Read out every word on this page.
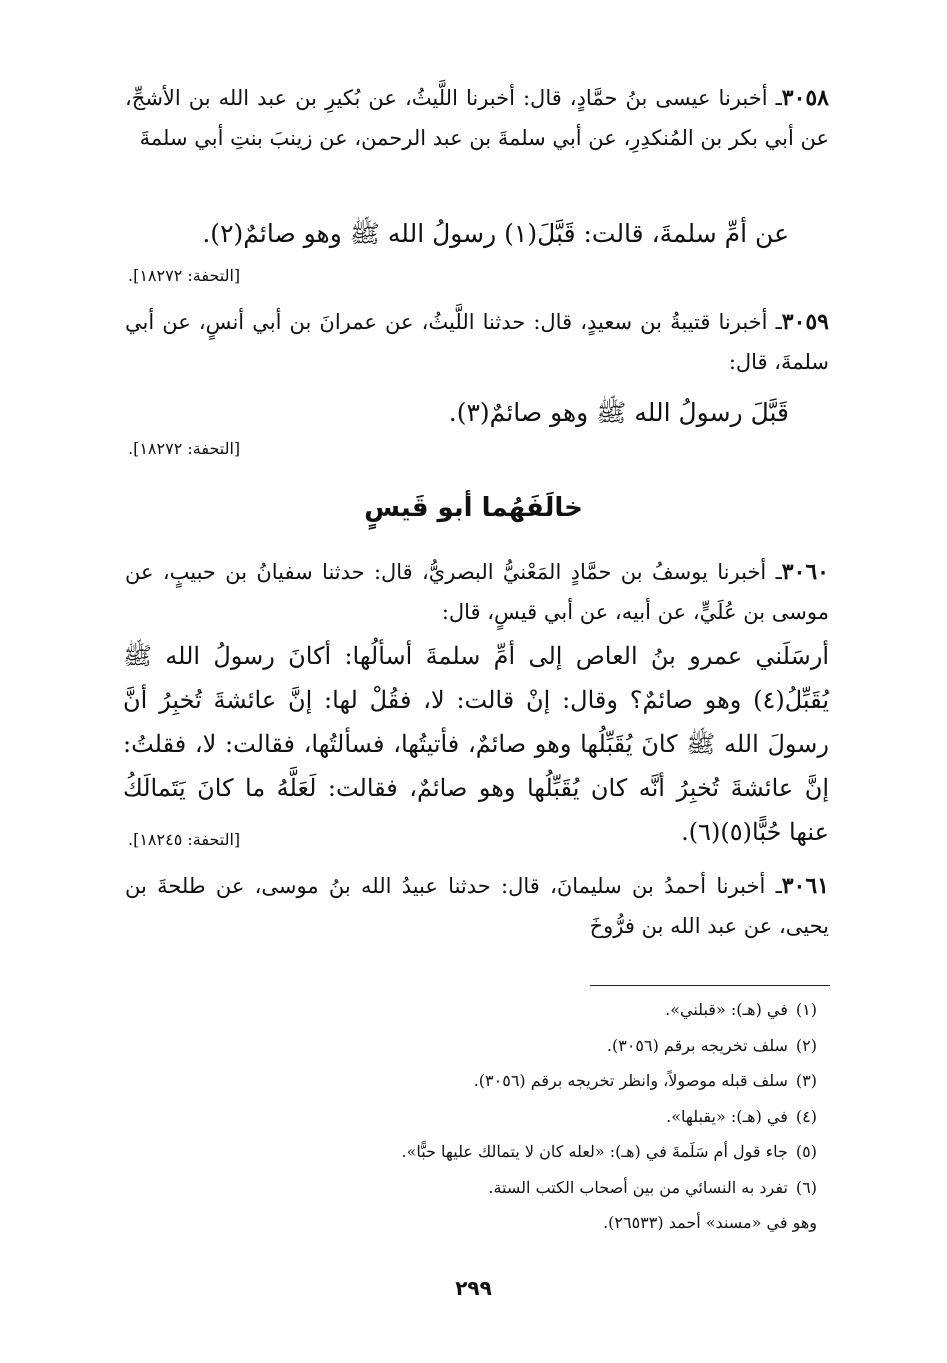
٣٠٥٨ـ أخبرنا عيسى بنُ حمَّادٍ، قال: أخبرنا اللَّيثُ، عن بُكيرِ بن عبد الله بن الأشجِّ، عن أبي بكر بن المُنكدِرِ، عن أبي سلمةَ بن عبد الرحمن، عن زينبَ بنتِ أبي سلمةَ

عن أمِّ سلمةَ، قالت: قَبَّلَ(١) رسولُ الله ﷺ وهو صائمٌ(٢).
[التحفة: ١٨٢٧٢].

٣٠٥٩ـ أخبرنا قتيبةُ بن سعيدٍ، قال: حدثنا اللَّيثُ، عن عمرانَ بن أبي أنسٍ، عن أبي سلمةَ، قال:

قَبَّلَ رسولُ الله ﷺ وهو صائمٌ(٣).
[التحفة: ١٨٢٧٢].
خالَفَهُما أبو قَيسٍ

٣٠٦٠ـ أخبرنا يوسفُ بن حمَّادٍ المَعْنيُّ البصريُّ، قال: حدثنا سفيانُ بن حبيبٍ، عن موسى بن عُلَيٍّ، عن أبيه، عن أبي قيسٍ، قال:

أرسَلَني عمرو بنُ العاص إلى أمِّ سلمةَ أسألُها: أكانَ رسولُ الله ﷺ يُقَبِّلُ(٤) وهو صائمٌ؟ وقال: إنْ قالت: لا، فقُلْ لها: إنَّ عائشةَ تُخبِرُ أنَّ رسولَ الله ﷺ كانَ يُقَبِّلُها وهو صائمٌ، فأتيتُها، فسألتُها، فقالت: لا، فقلتُ: إنَّ عائشةَ تُخبِرُ أنَّه كان يُقَبِّلُها وهو صائمٌ، فقالت: لَعَلَّهُ ما كانَ يَتَمالَكُ عنها حُبًّا(٥)(٦).

[التحفة: ١٨٢٤٥].

٣٠٦١ـ أخبرنا أحمدُ بن سليمانَ، قال: حدثنا عبيدُ الله بنُ موسى، عن طلحةَ بن يحيى، عن عبد الله بن فرُّوخَ

(١)في (هـ): «قبلني».
(٢)سلف تخريجه برقم (٣٠٥٦).
(٣)سلف قبله موصولاً، وانظر تخريجه برقم (٣٠٥٦).
(٤)في (هـ): «يقبلها».
(٥)جاء قول أم سَلَمةَ في (هـ): «لعله كان لا يتمالك عليها حبًّا».
(٦)تفرد به النسائي من بين أصحاب الكتب الستة.
وهو في «مسند» أحمد (٢٦٥٣٣).
٢٩٩
